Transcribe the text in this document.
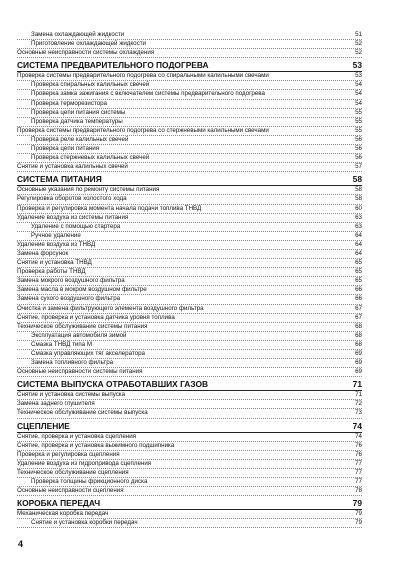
Замена охлаждающей жидкости	51
Приготовление охлаждающей жидкости	52
Основные неисправности системы охлаждения	52
СИСТЕМА ПРЕДВАРИТЕЛЬНОГО ПОДОГРЕВА	53
Проверка системы предварительного подогрева со спиральными калильными свечами	53
Проверка спиральных калильных свечей	54
Проверка замка зажигания с включателем системы предварительного подогрева	54
Проверка терморезистора	54
Проверка цепи питания системы	55
Проверка датчика температуры	55
Проверка системы предварительного подогрева со стержневыми калильными свечами	55
Проверка реле калильных свечей	56
Проверка цепи питания	56
Проверка стержневых калильных свечей	56
Снятие и установка калильных свечей	57
СИСТЕМА ПИТАНИЯ	58
Основные указания по ремонту системы питания	58
Регулировка оборотов холостого хода	58
Проверка и регулировка момента начала подачи топлива ТНВД	60
Удаление воздуха из системы питания	63
Удаление с помощью стартера	63
Ручное удаление	64
Удаление воздуха из ТНВД	64
Замена форсунок	64
Снятие и установка ТНВД	65
Проверка работы ТНВД	65
Замена мокрого воздушного фильтра	65
Замена масла в мокром воздушном фильтре	66
Замена сухого воздушного фильтра	66
Очистка и замена фильтрующего элемента воздушного фильтра	67
Снятие, проверка и установка датчика уровня топлива	67
Техническое обслуживание системы питания	68
Эксплуатация автомобиля зимой	68
Смазка ТНВД типа М	68
Смазка управляющих тяг акселератора	69
Замена топливного фильтра	69
Основные неисправности системы питания	69
СИСТЕМА ВЫПУСКА ОТРАБОТАВШИХ ГАЗОВ	71
Снятие и установка системы выпуска	71
Замена заднего глушителя	72
Техническое обслуживание системы выпуска	73
СЦЕПЛЕНИЕ	74
Снятие, проверка и установка сцепления	74
Снятие, проверка и установка выжимного подшипника	76
Проверка и регулировка сцепления	76
Удаление воздуха из гидропривода сцепления	77
Техническое обслуживание сцепления	77
Проверка толщины фрикционного диска	77
Основные неисправности сцепления	78
КОРОБКА ПЕРЕДАЧ	79
Механическая коробка передач	79
Снятие и установка коробки передач	79
4
